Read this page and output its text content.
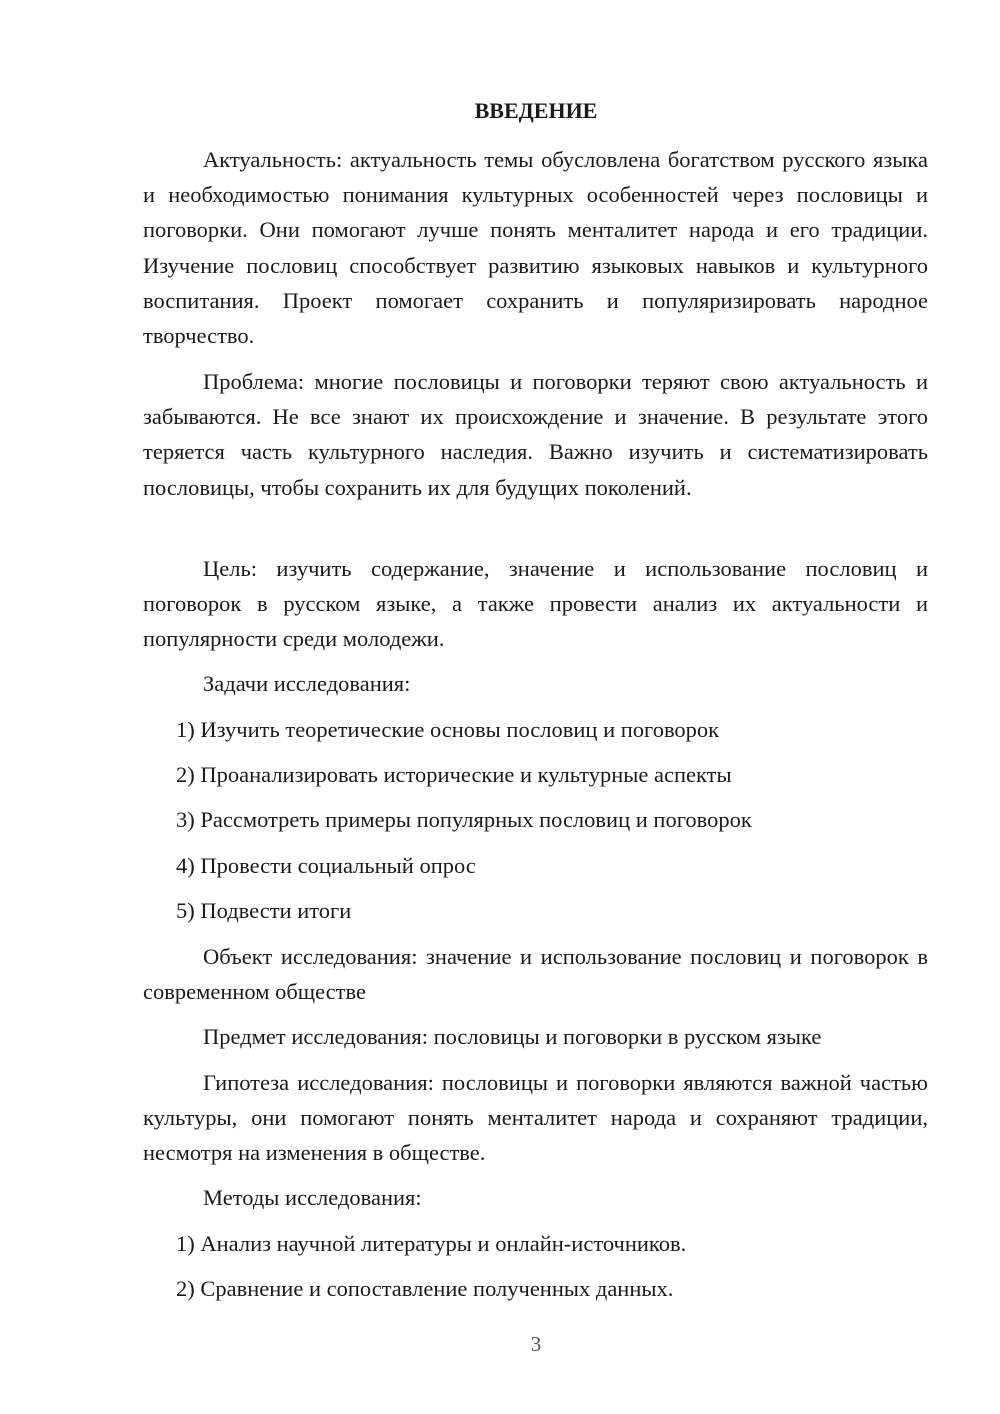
ВВЕДЕНИЕ

Актуальность: актуальность темы обусловлена богатством русского языка и необходимостью понимания культурных особенностей через пословицы и поговорки. Они помогают лучше понять менталитет народа и его традиции. Изучение пословиц способствует развитию языковых навыков и культурного воспитания. Проект помогает сохранить и популяризировать народное творчество.

Проблема: многие пословицы и поговорки теряют свою актуальность и забываются. Не все знают их происхождение и значение. В результате этого теряется часть культурного наследия. Важно изучить и систематизировать пословицы, чтобы сохранить их для будущих поколений.

Цель: изучить содержание, значение и использование пословиц и поговорок в русском языке, а также провести анализ их актуальности и популярности среди молодежи.

Задачи исследования:

1) Изучить теоретические основы пословиц и поговорок

2) Проанализировать исторические и культурные аспекты

3) Рассмотреть примеры популярных пословиц и поговорок

4) Провести социальный опрос

5) Подвести итоги

Объект исследования: значение и использование пословиц и поговорок в современном обществе

Предмет исследования: пословицы и поговорки в русском языке

Гипотеза исследования: пословицы и поговорки являются важной частью культуры, они помогают понять менталитет народа и сохраняют традиции, несмотря на изменения в обществе.

Методы исследования:

1) Анализ научной литературы и онлайн-источников.

2) Сравнение и сопоставление полученных данных.

3
